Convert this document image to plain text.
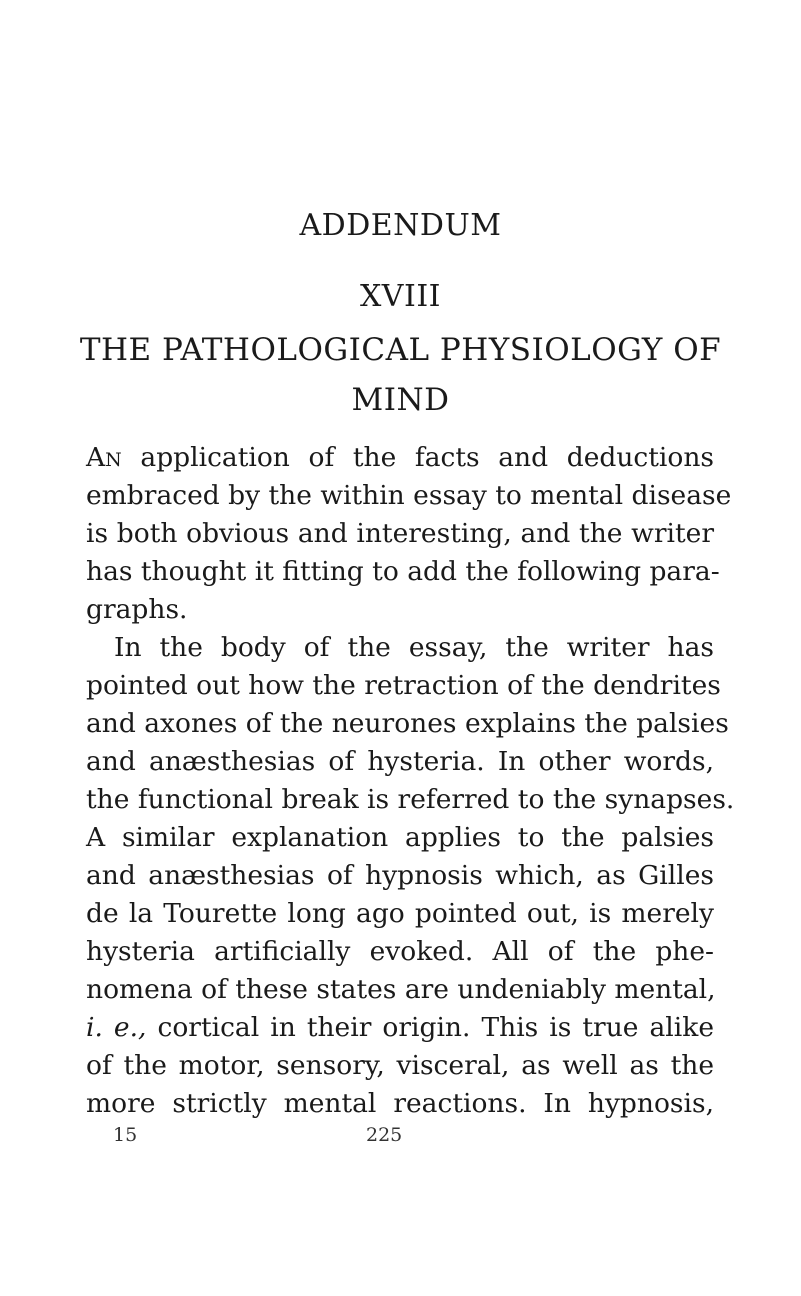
ADDENDUM
XVIII
THE PATHOLOGICAL PHYSIOLOGY OF
MIND
An application of the facts and deductions
embraced by the within essay to mental disease
is both obvious and interesting, and the writer
has thought it fitting to add the following para-
graphs.
In the body of the essay, the writer has
pointed out how the retraction of the dendrites
and axones of the neurones explains the palsies
and anæsthesias of hysteria. In other words,
the functional break is referred to the synapses.
A similar explanation applies to the palsies
and anæsthesias of hypnosis which, as Gilles
de la Tourette long ago pointed out, is merely
hysteria artificially evoked. All of the phe-
nomena of these states are undeniably mental,
i. e., cortical in their origin. This is true alike
of the motor, sensory, visceral, as well as the
more strictly mental reactions. In hypnosis,
15	225
